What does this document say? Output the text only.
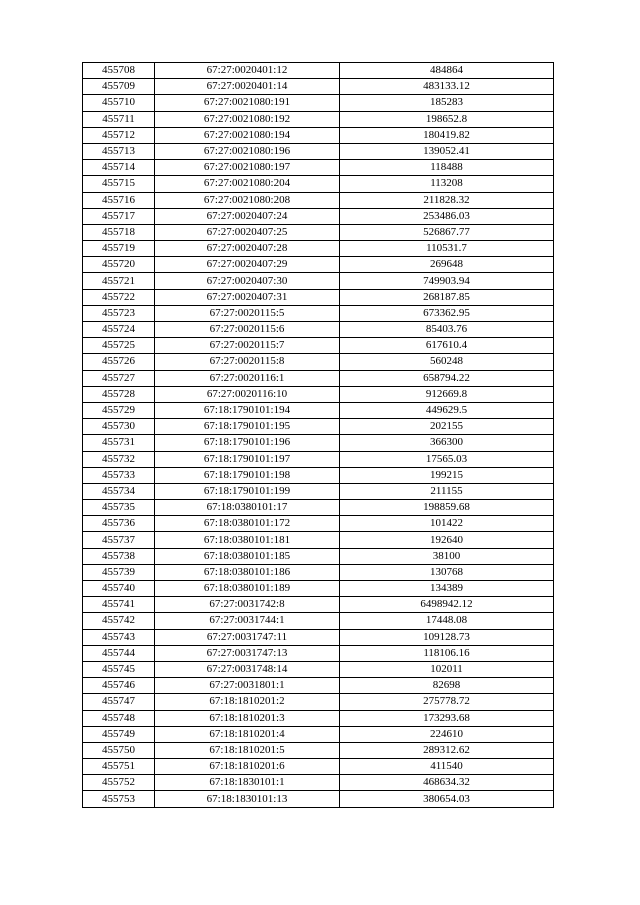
455708	67:27:0020401:12	484864
455709	67:27:0020401:14	483133.12
455710	67:27:0021080:191	185283
455711	67:27:0021080:192	198652.8
455712	67:27:0021080:194	180419.82
455713	67:27:0021080:196	139052.41
455714	67:27:0021080:197	118488
455715	67:27:0021080:204	113208
455716	67:27:0021080:208	211828.32
455717	67:27:0020407:24	253486.03
455718	67:27:0020407:25	526867.77
455719	67:27:0020407:28	110531.7
455720	67:27:0020407:29	269648
455721	67:27:0020407:30	749903.94
455722	67:27:0020407:31	268187.85
455723	67:27:0020115:5	673362.95
455724	67:27:0020115:6	85403.76
455725	67:27:0020115:7	617610.4
455726	67:27:0020115:8	560248
455727	67:27:0020116:1	658794.22
455728	67:27:0020116:10	912669.8
455729	67:18:1790101:194	449629.5
455730	67:18:1790101:195	202155
455731	67:18:1790101:196	366300
455732	67:18:1790101:197	17565.03
455733	67:18:1790101:198	199215
455734	67:18:1790101:199	211155
455735	67:18:0380101:17	198859.68
455736	67:18:0380101:172	101422
455737	67:18:0380101:181	192640
455738	67:18:0380101:185	38100
455739	67:18:0380101:186	130768
455740	67:18:0380101:189	134389
455741	67:27:0031742:8	6498942.12
455742	67:27:0031744:1	17448.08
455743	67:27:0031747:11	109128.73
455744	67:27:0031747:13	118106.16
455745	67:27:0031748:14	102011
455746	67:27:0031801:1	82698
455747	67:18:1810201:2	275778.72
455748	67:18:1810201:3	173293.68
455749	67:18:1810201:4	224610
455750	67:18:1810201:5	289312.62
455751	67:18:1810201:6	411540
455752	67:18:1830101:1	468634.32
455753	67:18:1830101:13	380654.03
